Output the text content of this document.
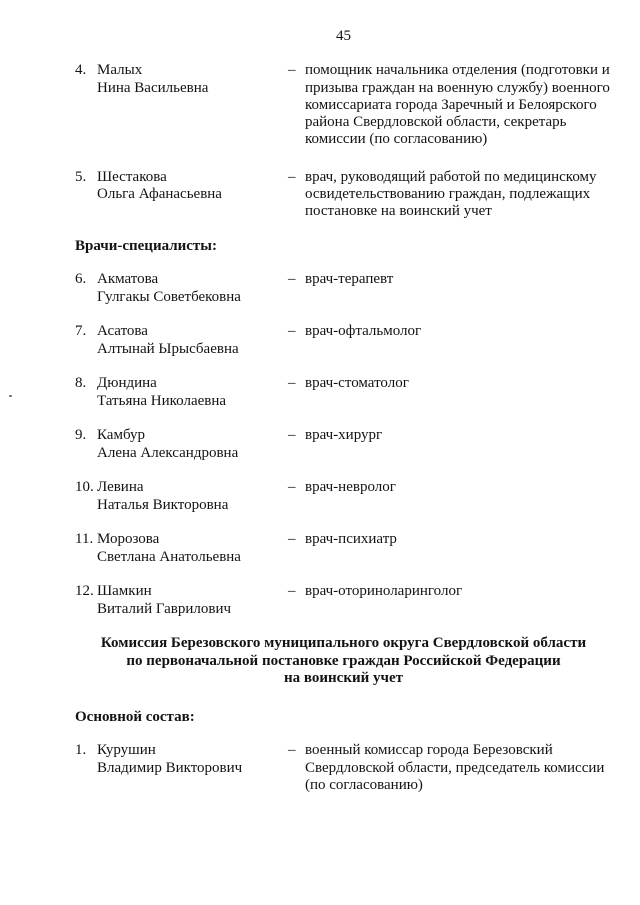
45
4. Малых
Нина Васильевна
– помощник начальника отделения (подготовки и призыва граждан на военную службу) военного комиссариата города Заречный и Белоярского района Свердловской области, секретарь комиссии (по согласованию)
5. Шестакова
Ольга Афанасьевна
– врач, руководящий работой по медицинскому освидетельствованию граждан, подлежащих постановке на воинский учет
Врачи-специалисты:
6. Акматова
Гулгакы Советбековна
– врач-терапевт
7. Асатова
Алтынай Ырысбаевна
– врач-офтальмолог
8. Дюндина
Татьяна Николаевна
– врач-стоматолог
9. Камбур
Алена Александровна
– врач-хирург
10. Левина
Наталья Викторовна
– врач-невролог
11. Морозова
Светлана Анатольевна
– врач-психиатр
12. Шамкин
Виталий Гаврилович
– врач-оториноларинголог
Комиссия Березовского муниципального округа Свердловской области
по первоначальной постановке граждан Российской Федерации
на воинский учет
Основной состав:
1. Курушин
Владимир Викторович
– военный комиссар города Березовский Свердловской области, председатель комиссии (по согласованию)
